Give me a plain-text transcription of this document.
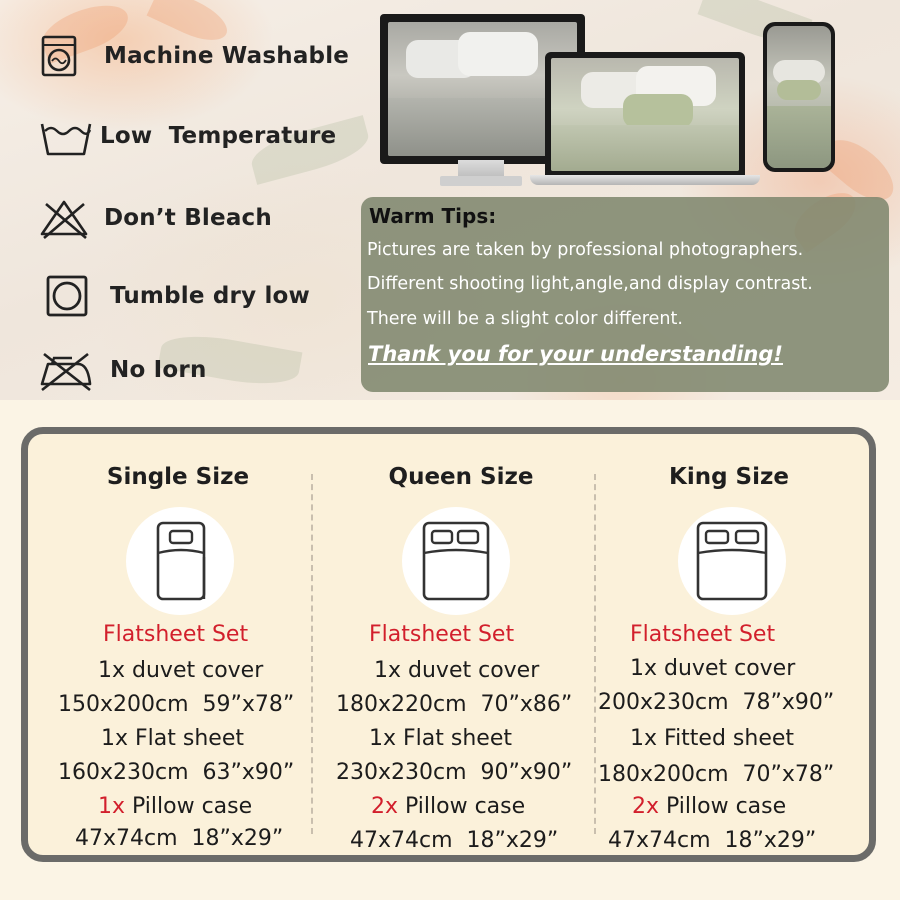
Machine Washable
Low  Temperature
Don’t Bleach
Tumble dry low
No Iorn
Warm Tips:
Pictures are taken by professional photographers.
Different shooting light,angle,and display contrast.
There will be a slight color different.
Thank you for your understanding!
Single Size
Flatsheet Set
1x duvet cover
150x200cm  59”x78”
1x Flat sheet
160x230cm  63”x90”
1x Pillow case
47x74cm  18”x29”
Queen Size
Flatsheet Set
1x duvet cover
180x220cm  70”x86”
1x Flat sheet
230x230cm  90”x90”
2x Pillow case
47x74cm  18”x29”
King Size
Flatsheet Set
1x duvet cover
200x230cm  78”x90”
1x Fitted sheet
180x200cm  70”x78”
2x Pillow case
47x74cm  18”x29”
